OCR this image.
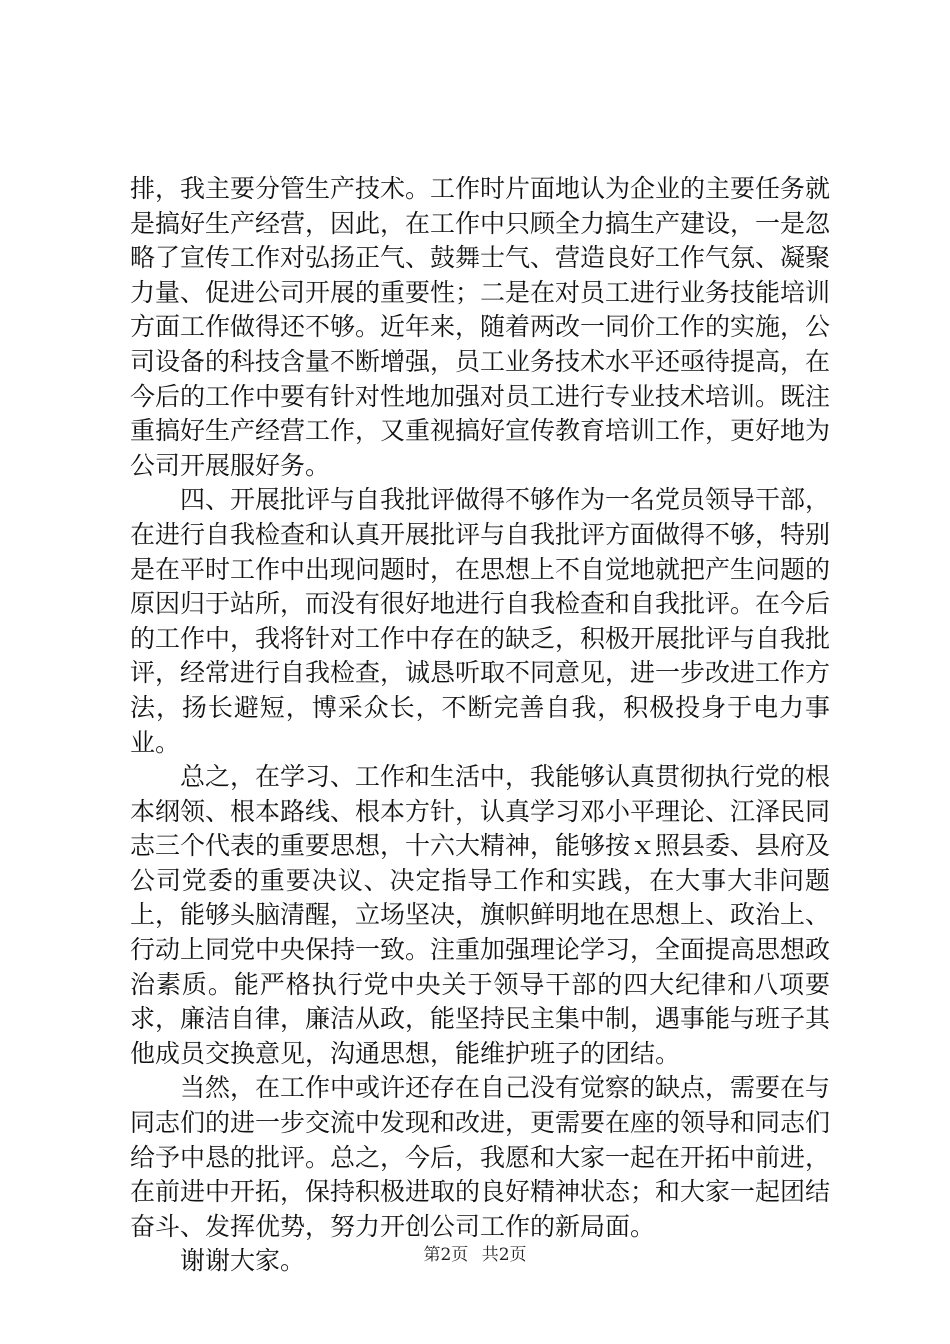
排，我主要分管生产技术。工作时片面地认为企业的主要任务就是搞好生产经营，因此，在工作中只顾全力搞生产建设，一是忽略了宣传工作对弘扬正气、鼓舞士气、营造良好工作气氛、凝聚力量、促进公司开展的重要性；二是在对员工进行业务技能培训方面工作做得还不够。近年来，随着两改一同价工作的实施，公司设备的科技含量不断增强，员工业务技术水平还亟待提高，在今后的工作中要有针对性地加强对员工进行专业技术培训。既注重搞好生产经营工作，又重视搞好宣传教育培训工作，更好地为公司开展服好务。

四、开展批评与自我批评做得不够作为一名党员领导干部，在进行自我检查和认真开展批评与自我批评方面做得不够，特别是在平时工作中出现问题时，在思想上不自觉地就把产生问题的原因归于站所，而没有很好地进行自我检查和自我批评。在今后的工作中，我将针对工作中存在的缺乏，积极开展批评与自我批评，经常进行自我检查，诚恳听取不同意见，进一步改进工作方法，扬长避短，博采众长，不断完善自我，积极投身于电力事业。

总之，在学习、工作和生活中，我能够认真贯彻执行党的根本纲领、根本路线、根本方针，认真学习邓小平理论、江泽民同志三个代表的重要思想，十六大精神，能够按ｘ照县委、县府及公司党委的重要决议、决定指导工作和实践，在大事大非问题上，能够头脑清醒，立场坚决，旗帜鲜明地在思想上、政治上、行动上同党中央保持一致。注重加强理论学习，全面提高思想政治素质。能严格执行党中央关于领导干部的四大纪律和八项要求，廉洁自律，廉洁从政，能坚持民主集中制，遇事能与班子其他成员交换意见，沟通思想，能维护班子的团结。

当然，在工作中或许还存在自己没有觉察的缺点，需要在与同志们的进一步交流中发现和改进，更需要在座的领导和同志们给予中恳的批评。总之，今后，我愿和大家一起在开拓中前进，在前进中开拓，保持积极进取的良好精神状态；和大家一起团结奋斗、发挥优势，努力开创公司工作的新局面。

谢谢大家。	第2页 共2页
